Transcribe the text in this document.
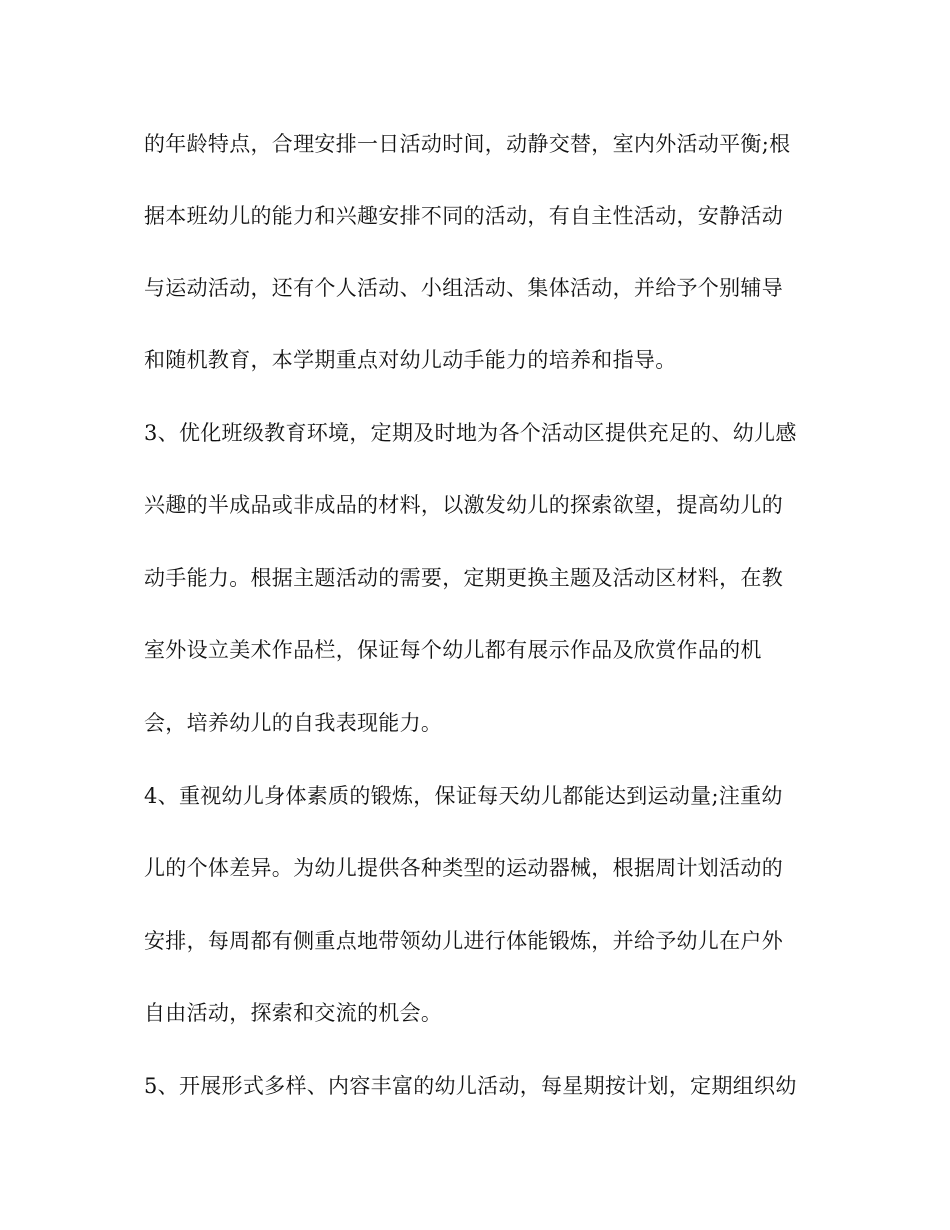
的年龄特点，合理安排一日活动时间，动静交替，室内外活动平衡;根
据本班幼儿的能力和兴趣安排不同的活动，有自主性活动，安静活动
与运动活动，还有个人活动、小组活动、集体活动，并给予个别辅导
和随机教育，本学期重点对幼儿动手能力的培养和指导。
3、优化班级教育环境，定期及时地为各个活动区提供充足的、幼儿感
兴趣的半成品或非成品的材料，以激发幼儿的探索欲望，提高幼儿的
动手能力。根据主题活动的需要，定期更换主题及活动区材料，在教
室外设立美术作品栏，保证每个幼儿都有展示作品及欣赏作品的机
会，培养幼儿的自我表现能力。
4、重视幼儿身体素质的锻炼，保证每天幼儿都能达到运动量;注重幼
儿的个体差异。为幼儿提供各种类型的运动器械，根据周计划活动的
安排，每周都有侧重点地带领幼儿进行体能锻炼，并给予幼儿在户外
自由活动，探索和交流的机会。
5、开展形式多样、内容丰富的幼儿活动，每星期按计划，定期组织幼
